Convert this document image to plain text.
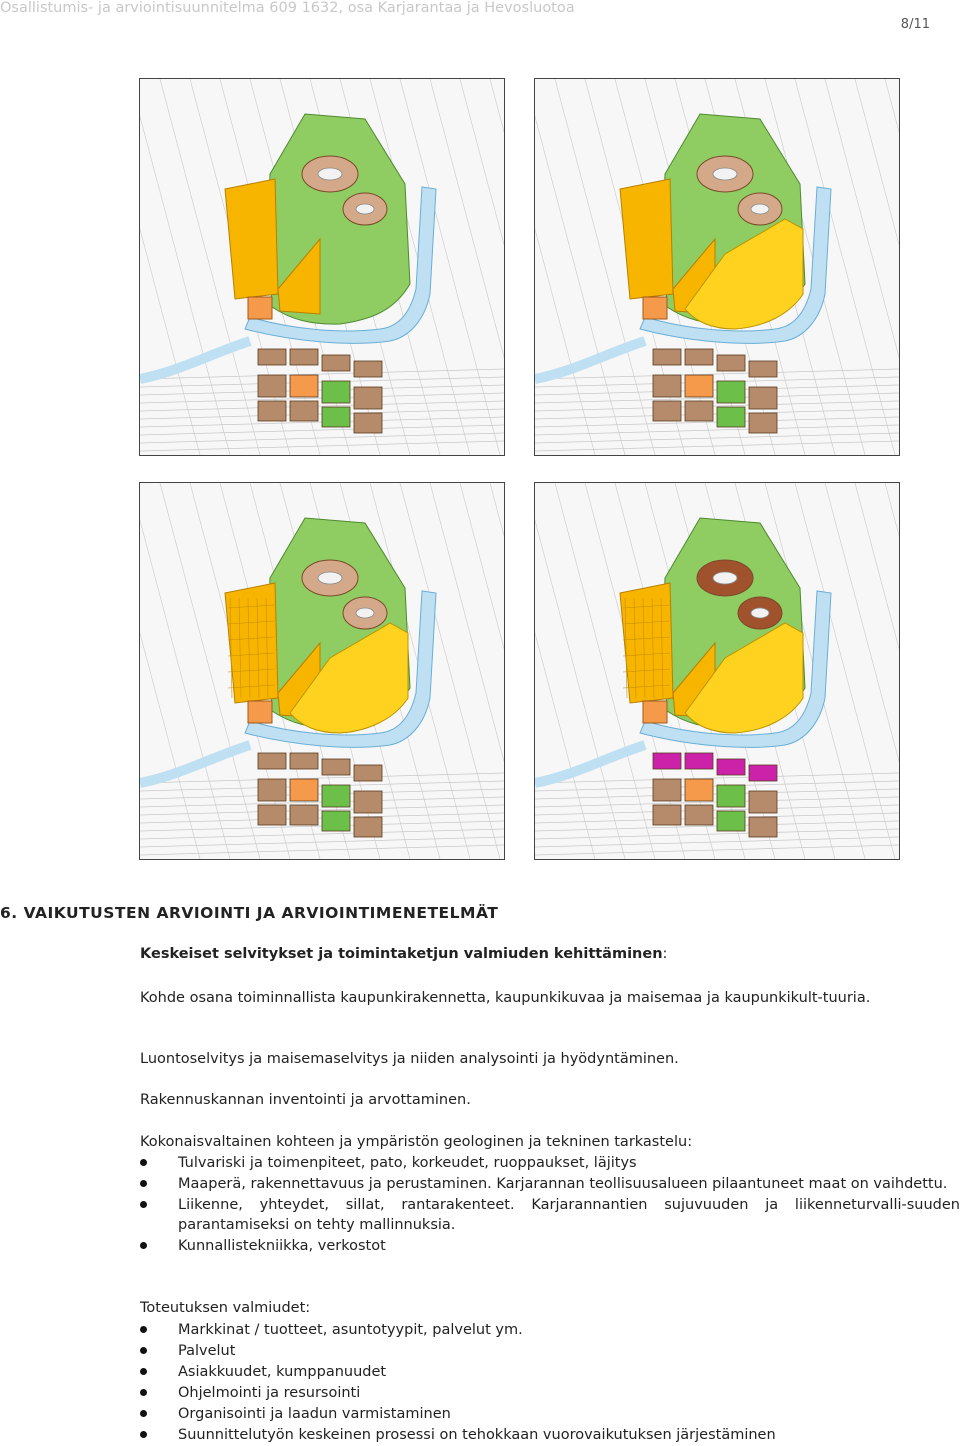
Osallistumis- ja arviointisuunnitelma 609 1632, osa Karjarantaa ja Hevosluotoa
8/11
6. VAIKUTUSTEN ARVIOINTI JA ARVIOINTIMENETELMÄT
Keskeiset selvitykset ja toimintaketjun valmiuden kehittäminen:
Kohde osana toiminnallista kaupunkirakennetta, kaupunkikuvaa ja maisemaa ja kaupunkikult-tuuria.
Luontoselvitys ja maisemaselvitys ja niiden analysointi ja hyödyntäminen.
Rakennuskannan inventointi ja arvottaminen.
Kokonaisvaltainen kohteen ja ympäristön geologinen ja tekninen tarkastelu:
Tulvariski ja toimenpiteet, pato, korkeudet, ruoppaukset, läjitys
Maaperä, rakennettavuus ja perustaminen. Karjarannan teollisuusalueen pilaantuneet maat on vaihdettu.
Liikenne, yhteydet, sillat, rantarakenteet. Karjarannantien sujuvuuden ja liikenneturvalli-suuden parantamiseksi on tehty mallinnuksia.
Kunnallistekniikka, verkostot
Toteutuksen valmiudet:
Markkinat / tuotteet, asuntotyypit, palvelut ym.
Palvelut
Asiakkuudet, kumppanuudet
Ohjelmointi ja resursointi
Organisointi ja laadun varmistaminen
Suunnittelutyön keskeinen prosessi on tehokkaan vuorovaikutuksen järjestäminen
